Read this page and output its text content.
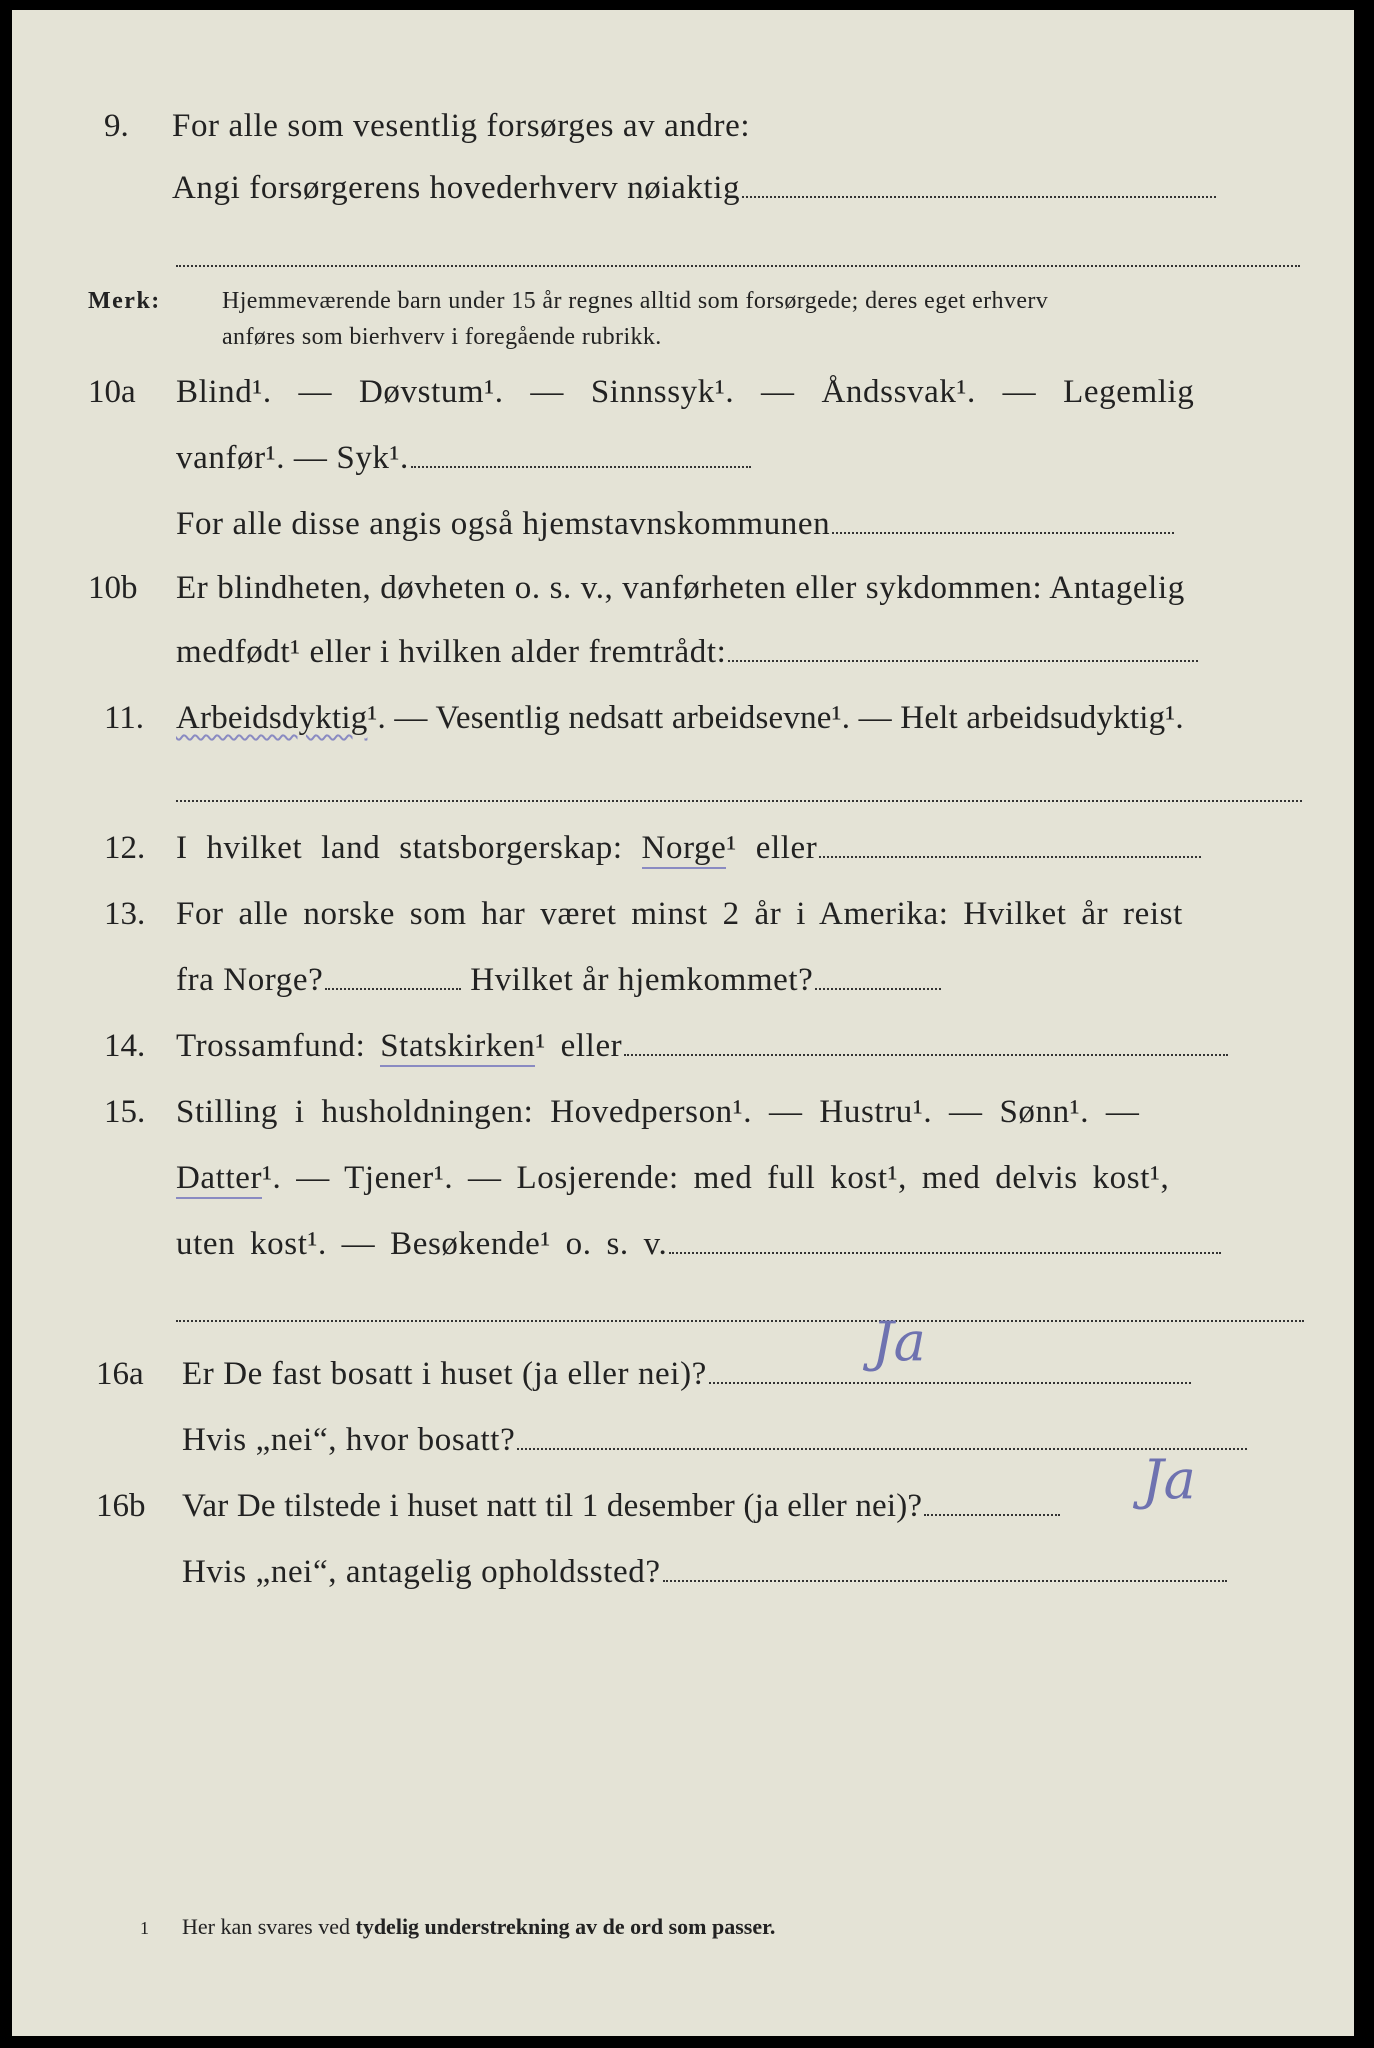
9. For alle som vesentlig forsørges av andre:
Angi forsørgerens hovederhverv nøiaktig
Merk:	Hjemmeværende barn under 15 år regnes alltid som forsørgede; deres eget erhverv
anføres som bierhverv i foregående rubrikk.
10a Blind¹. — Døvstum¹. — Sinnssyk¹. — Åndssvak¹. — Legemlig
vanfør¹. — Syk¹.
For alle disse angis også hjemstavnskommunen
10b Er blindheten, døvheten o. s. v., vanførheten eller sykdommen: Antagelig
medfødt¹ eller i hvilken alder fremtrådt:
11. Arbeidsdyktig¹. — Vesentlig nedsatt arbeidsevne¹. — Helt arbeidsudyktig¹.
12. I hvilket land statsborgerskap: Norge¹ eller
13. For alle norske som har været minst 2 år i Amerika: Hvilket år reist
fra Norge?	Hvilket år hjemkommet?
14. Trossamfund: Statskirken¹ eller
15. Stilling i husholdningen: Hovedperson¹. — Hustru¹. — Sønn¹. —
Datter¹. — Tjener¹. — Losjerende: med full kost¹, med delvis kost¹,
uten kost¹. — Besøkende¹ o. s. v.
16a Er De fast bosatt i huset (ja eller nei)?
Ja
Hvis „nei“, hvor bosatt?
16b Var De tilstede i huset natt til 1 desember (ja eller nei)?	Ja
Hvis „nei“, antagelig opholdssted?
1 Her kan svares ved tydelig understrekning av de ord som passer.
